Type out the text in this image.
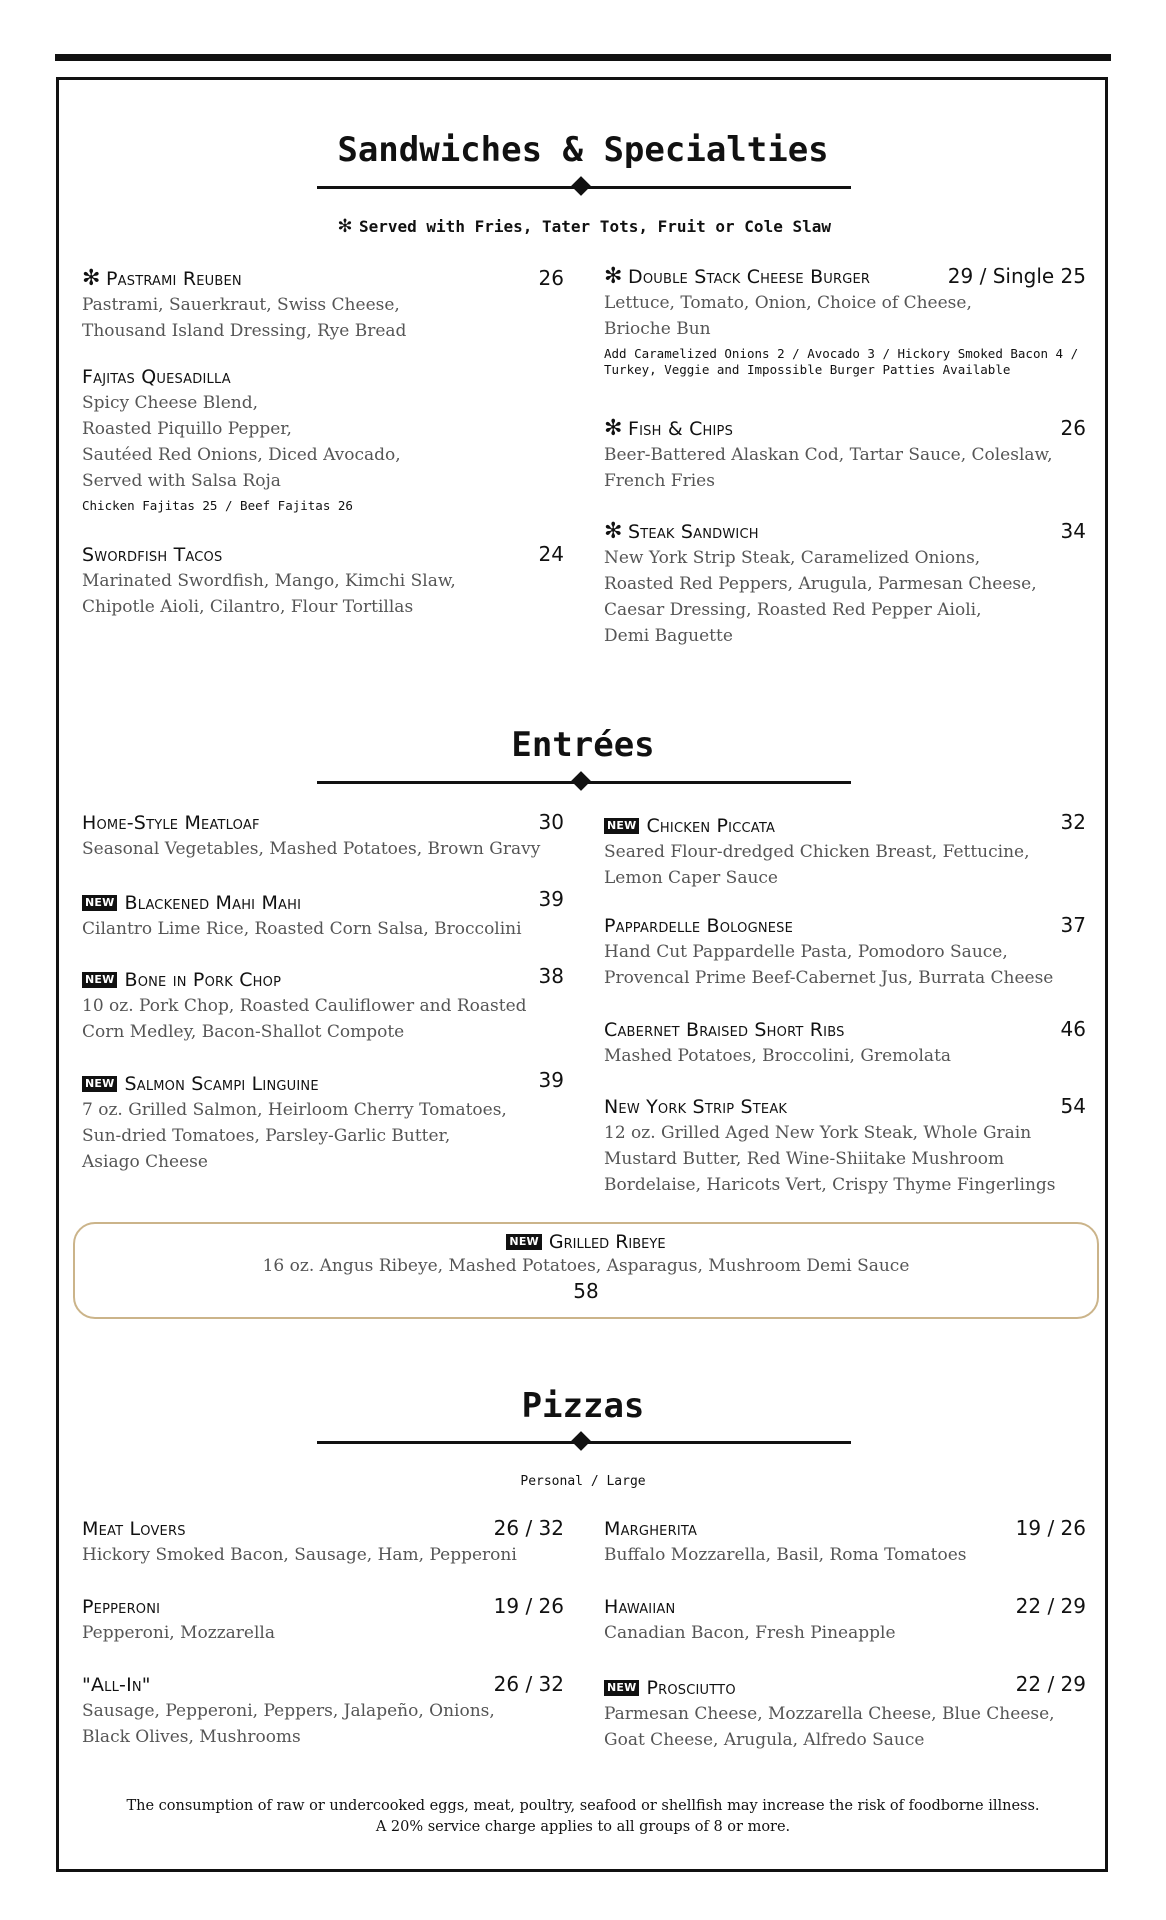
Sandwiches & Specialties
✻ Served with Fries, Tater Tots, Fruit or Cole Slaw
✻ Pastrami Reuben	26
Pastrami, Sauerkraut, Swiss Cheese,
Thousand Island Dressing, Rye Bread
Fajitas Quesadilla
Spicy Cheese Blend,
Roasted Piquillo Pepper,
Sautéed Red Onions, Diced Avocado,
Served with Salsa Roja
Chicken Fajitas 25 / Beef Fajitas 26
Swordfish Tacos	24
Marinated Swordfish, Mango, Kimchi Slaw,
Chipotle Aioli, Cilantro, Flour Tortillas
✻ Double Stack Cheese Burger	29 / Single 25
Lettuce, Tomato, Onion, Choice of Cheese,
Brioche Bun
Add Caramelized Onions 2 / Avocado 3 / Hickory Smoked Bacon 4 / Turkey, Veggie and Impossible Burger Patties Available
✻ Fish & Chips	26
Beer-Battered Alaskan Cod, Tartar Sauce, Coleslaw,
French Fries
✻ Steak Sandwich	34
New York Strip Steak, Caramelized Onions,
Roasted Red Peppers, Arugula, Parmesan Cheese,
Caesar Dressing, Roasted Red Pepper Aioli,
Demi Baguette
Entrées
Home-Style Meatloaf	30
Seasonal Vegetables, Mashed Potatoes, Brown Gravy
NEW Blackened Mahi Mahi	39
Cilantro Lime Rice, Roasted Corn Salsa, Broccolini
NEW Bone in Pork Chop	38
10 oz. Pork Chop, Roasted Cauliflower and Roasted
Corn Medley, Bacon-Shallot Compote
NEW Salmon Scampi Linguine	39
7 oz. Grilled Salmon, Heirloom Cherry Tomatoes,
Sun-dried Tomatoes, Parsley-Garlic Butter,
Asiago Cheese
NEW Chicken Piccata	32
Seared Flour-dredged Chicken Breast, Fettucine,
Lemon Caper Sauce
Pappardelle Bolognese	37
Hand Cut Pappardelle Pasta, Pomodoro Sauce,
Provencal Prime Beef-Cabernet Jus, Burrata Cheese
Cabernet Braised Short Ribs	46
Mashed Potatoes, Broccolini, Gremolata
New York Strip Steak	54
12 oz. Grilled Aged New York Steak, Whole Grain
Mustard Butter, Red Wine-Shiitake Mushroom
Bordelaise, Haricots Vert, Crispy Thyme Fingerlings
NEW Grilled Ribeye
16 oz. Angus Ribeye, Mashed Potatoes, Asparagus, Mushroom Demi Sauce
58
Pizzas
Personal / Large
Meat Lovers	26 / 32
Hickory Smoked Bacon, Sausage, Ham, Pepperoni
Pepperoni	19 / 26
Pepperoni, Mozzarella
"All-In"	26 / 32
Sausage, Pepperoni, Peppers, Jalapeño, Onions,
Black Olives, Mushrooms
Margherita	19 / 26
Buffalo Mozzarella, Basil, Roma Tomatoes
Hawaiian	22 / 29
Canadian Bacon, Fresh Pineapple
NEW Prosciutto	22 / 29
Parmesan Cheese, Mozzarella Cheese, Blue Cheese,
Goat Cheese, Arugula, Alfredo Sauce
The consumption of raw or undercooked eggs, meat, poultry, seafood or shellfish may increase the risk of foodborne illness.
A 20% service charge applies to all groups of 8 or more.
